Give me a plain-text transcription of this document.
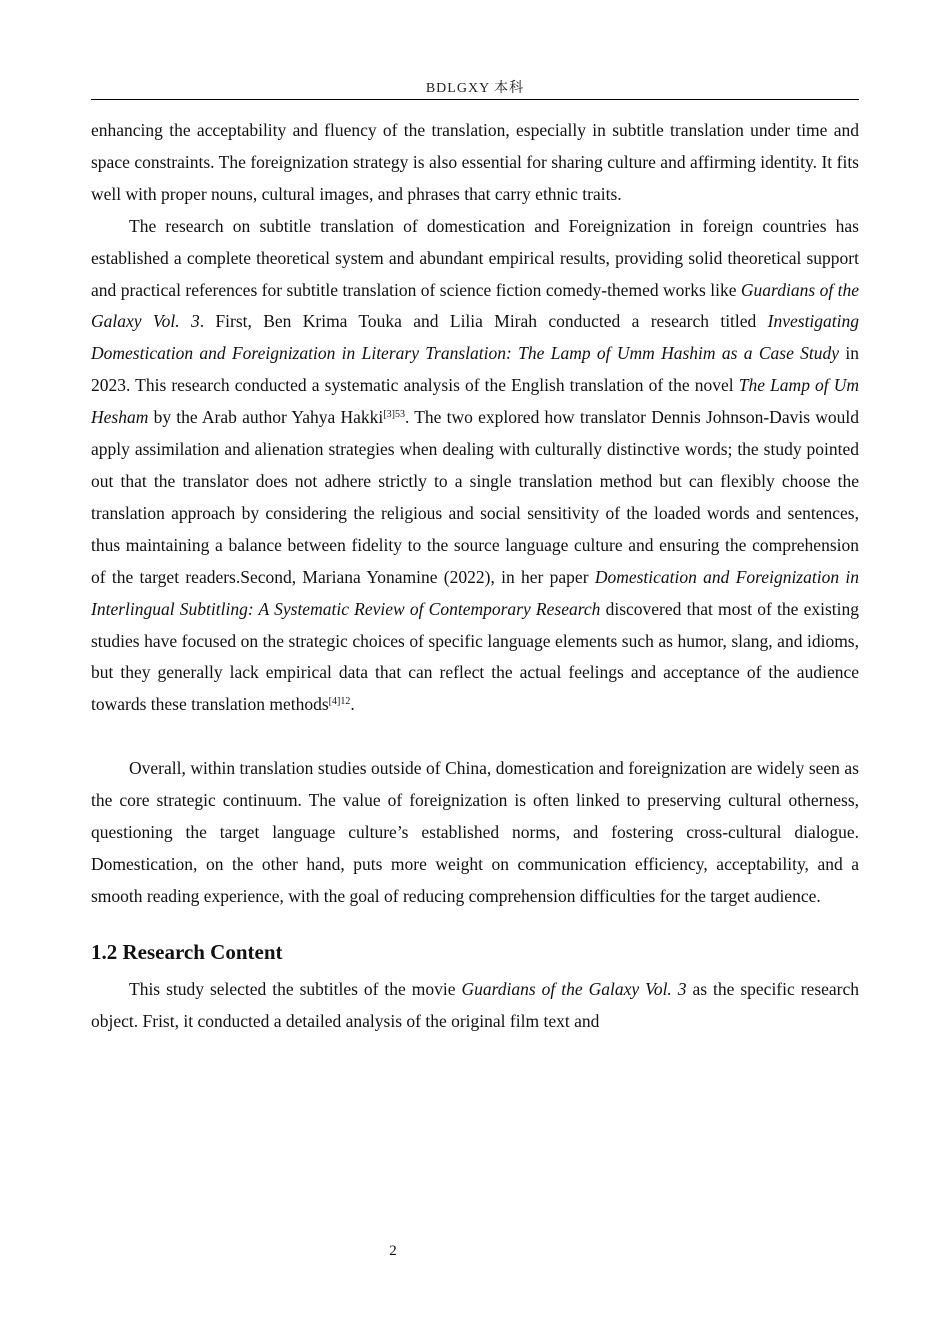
BDLGXY 本科

enhancing the acceptability and fluency of the translation, especially in subtitle translation under time and space constraints. The foreignization strategy is also essential for sharing culture and affirming identity. It fits well with proper nouns, cultural images, and phrases that carry ethnic traits.

The research on subtitle translation of domestication and Foreignization in foreign countries has established a complete theoretical system and abundant empirical results, providing solid theoretical support and practical references for subtitle translation of science fiction comedy-themed works like Guardians of the Galaxy Vol. 3. First, Ben Krima Touka and Lilia Mirah conducted a research titled Investigating Domestication and Foreignization in Literary Translation: The Lamp of Umm Hashim as a Case Study in 2023. This research conducted a systematic analysis of the English translation of the novel The Lamp of Um Hesham by the Arab author Yahya Hakki$^{[3]53}$. The two explored how translator Dennis Johnson-Davis would apply assimilation and alienation strategies when dealing with culturally distinctive words; the study pointed out that the translator does not adhere strictly to a single translation method but can flexibly choose the translation approach by considering the religious and social sensitivity of the loaded words and sentences, thus maintaining a balance between fidelity to the source language culture and ensuring the comprehension of the target readers.Second, Mariana Yonamine (2022), in her paper Domestication and Foreignization in Interlingual Subtitling: A Systematic Review of Contemporary Research discovered that most of the existing studies have focused on the strategic choices of specific language elements such as humor, slang, and idioms, but they generally lack empirical data that can reflect the actual feelings and acceptance of the audience towards these translation methods$^{[4]12}$.

Overall, within translation studies outside of China, domestication and foreignization are widely seen as the core strategic continuum. The value of foreignization is often linked to preserving cultural otherness, questioning the target language culture’s established norms, and fostering cross-cultural dialogue. Domestication, on the other hand, puts more weight on communication efficiency, acceptability, and a smooth reading experience, with the goal of reducing comprehension difficulties for the target audience.

1.2 Research Content

This study selected the subtitles of the movie Guardians of the Galaxy Vol. 3 as the specific research object. Frist, it conducted a detailed analysis of the original film text and

2
